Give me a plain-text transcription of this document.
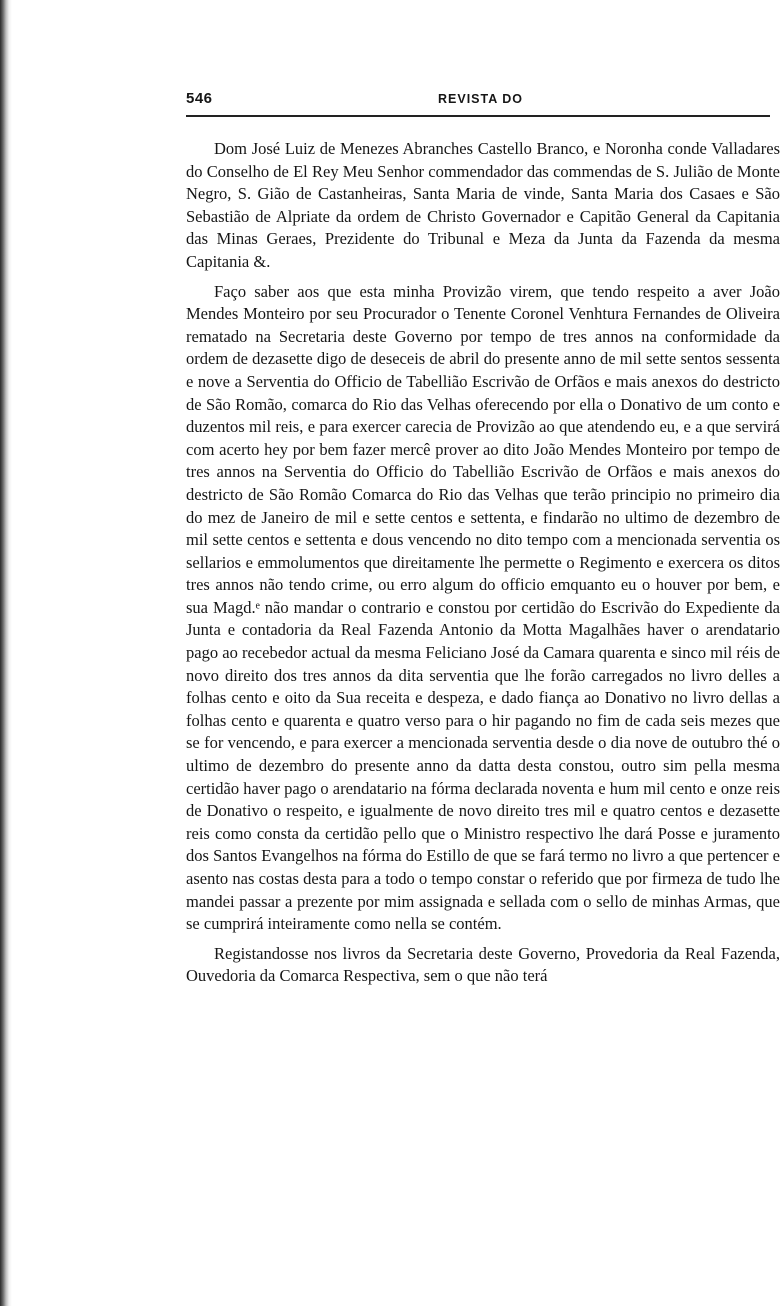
546	REVISTA DO

Dom José Luiz de Menezes Abranches Castello Branco, e Noronha conde Valladares do Conselho de El Rey Meu Senhor commendador das commendas de S. Julião de Monte Negro, S. Gião de Castanheiras, Santa Maria de vinde, Santa Maria dos Casaes e São Sebastião de Alpriate da ordem de Christo Governador e Capitão General da Capitania das Minas Geraes, Prezidente do Tribunal e Meza da Junta da Fazenda da mesma Capitania &.

Faço saber aos que esta minha Provizão virem, que tendo respeito a aver João Mendes Monteiro por seu Procurador o Tenente Coronel Venhtura Fernandes de Oliveira rematado na Secretaria deste Governo por tempo de tres annos na conformidade da ordem de dezasette digo de deseceis de abril do presente anno de mil sette sentos sessenta e nove a Serventia do Officio de Tabellião Escrivão de Orfãos e mais anexos do destricto de São Romão, comarca do Rio das Velhas oferecendo por ella o Donativo de um conto e duzentos mil reis, e para exercer carecia de Provizão ao que atendendo eu, e a que servirá com acerto hey por bem fazer mercê prover ao dito João Mendes Monteiro por tempo de tres annos na Serventia do Officio do Tabellião Escrivão de Orfãos e mais anexos do destricto de São Romão Comarca do Rio das Velhas que terão principio no primeiro dia do mez de Janeiro de mil e sette centos e settenta, e findarão no ultimo de dezembro de mil sette centos e settenta e dous vencendo no dito tempo com a mencionada serventia os sellarios e emmolumentos que direitamente lhe permette o Regimento e exercera os ditos tres annos não tendo crime, ou erro algum do officio emquanto eu o houver por bem, e sua Magd.ᵉ não mandar o contrario e constou por certidão do Escrivão do Expediente da Junta e contadoria da Real Fazenda Antonio da Motta Magalhães haver o arendatario pago ao recebedor actual da mesma Feliciano José da Camara quarenta e sinco mil réis de novo direito dos tres annos da dita serventia que lhe forão carregados no livro delles a folhas cento e oito da Sua receita e despeza, e dado fiança ao Donativo no livro dellas a folhas cento e quarenta e quatro verso para o hir pagando no fim de cada seis mezes que se for vencendo, e para exercer a mencionada serventia desde o dia nove de outubro thé o ultimo de dezembro do presente anno da datta desta constou, outro sim pella mesma certidão haver pago o arendatario na fórma declarada noventa e hum mil cento e onze reis de Donativo o respeito, e igualmente de novo direito tres mil e quatro centos e dezasette reis como consta da certidão pello que o Ministro respectivo lhe dará Posse e juramento dos Santos Evangelhos na fórma do Estillo de que se fará termo no livro a que pertencer e asento nas costas desta para a todo o tempo constar o referido que por firmeza de tudo lhe mandei passar a prezente por mim assignada e sellada com o sello de minhas Armas, que se cumprirá inteiramente como nella se contém.

Registandosse nos livros da Secretaria deste Governo, Provedoria da Real Fazenda, Ouvedoria da Comarca Respectiva, sem o que não terá
